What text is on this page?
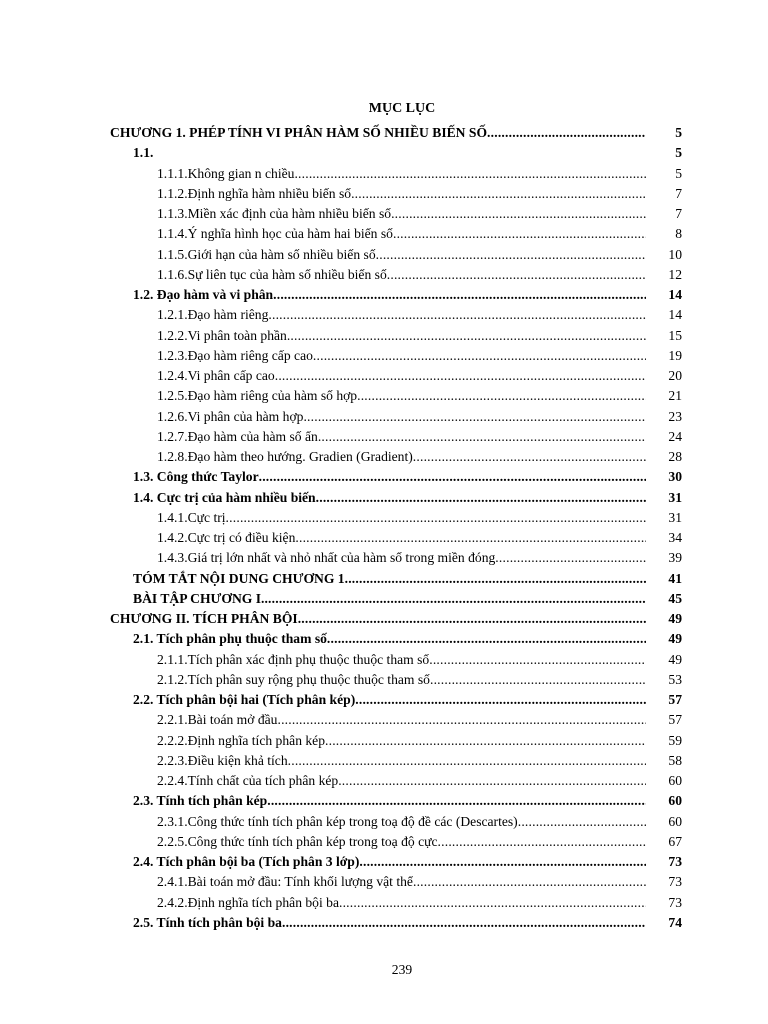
MỤC LỤC
CHƯƠNG 1. PHÉP TÍNH VI PHÂN HÀM SỐ NHIỀU BIẾN SỐ .....	5
1.1.	5
1.1.1. Không gian n chiều .....	5
1.1.2. Định nghĩa hàm nhiều biến số .....	7
1.1.3. Miền xác định của hàm nhiều biến số .....	7
1.1.4. Ý nghĩa hình học của hàm hai biến số .....	8
1.1.5. Giới hạn của hàm số nhiều biến số .....	10
1.1.6. Sự liên tục của hàm số nhiều biến số .....	12
1.2. Đạo hàm và vi phân .....	14
1.2.1. Đạo hàm riêng .....	14
1.2.2. Vi phân toàn phần .....	15
1.2.3. Đạo hàm riêng cấp cao .....	19
1.2.4. Vi phân cấp cao .....	20
1.2.5. Đạo hàm riêng của hàm số hợp .....	21
1.2.6. Vi phân của hàm hợp .....	23
1.2.7. Đạo hàm của hàm số ẩn .....	24
1.2.8. Đạo hàm theo hướng. Gradien (Gradient) .....	28
1.3. Công thức Taylor .....	30
1.4. Cực trị của hàm nhiều biến .....	31
1.4.1. Cực trị .....	31
1.4.2. Cực trị có điều kiện .....	34
1.4.3. Giá trị lớn nhất và nhỏ nhất của hàm số trong miền đóng .....	39
TÓM TẮT NỘI DUNG CHƯƠNG 1 .....	41
BÀI TẬP CHƯƠNG I. .....	45
CHƯƠNG II. TÍCH PHÂN BỘI .....	49
2.1. Tích phân phụ thuộc tham số .....	49
2.1.1. Tích phân xác định phụ thuộc thuộc tham số .....	49
2.1.2. Tích phân suy rộng phụ thuộc thuộc tham số .....	53
2.2. Tích phân bội hai (Tích phân kép) .....	57
2.2.1. Bài toán mở đầu .....	57
2.2.2. Định nghĩa tích phân kép .....	59
2.2.3. Điều kiện khả tích .....	58
2.2.4. Tính chất của tích phân kép .....	60
2.3. Tính tích phân kép .....	60
2.3.1. Công thức tính tích phân kép trong toạ độ đề các (Descartes) .....	60
2.2.5. Công thức tính tích phân kép trong toạ độ cực .....	67
2.4. Tích phân bội ba (Tích phân 3 lớp) .....	73
2.4.1. Bài toán mở đầu: Tính khối lượng vật thể .....	73
2.4.2. Định nghĩa tích phân bội ba .....	73
2.5. Tính tích phân bội ba .....	74
239
